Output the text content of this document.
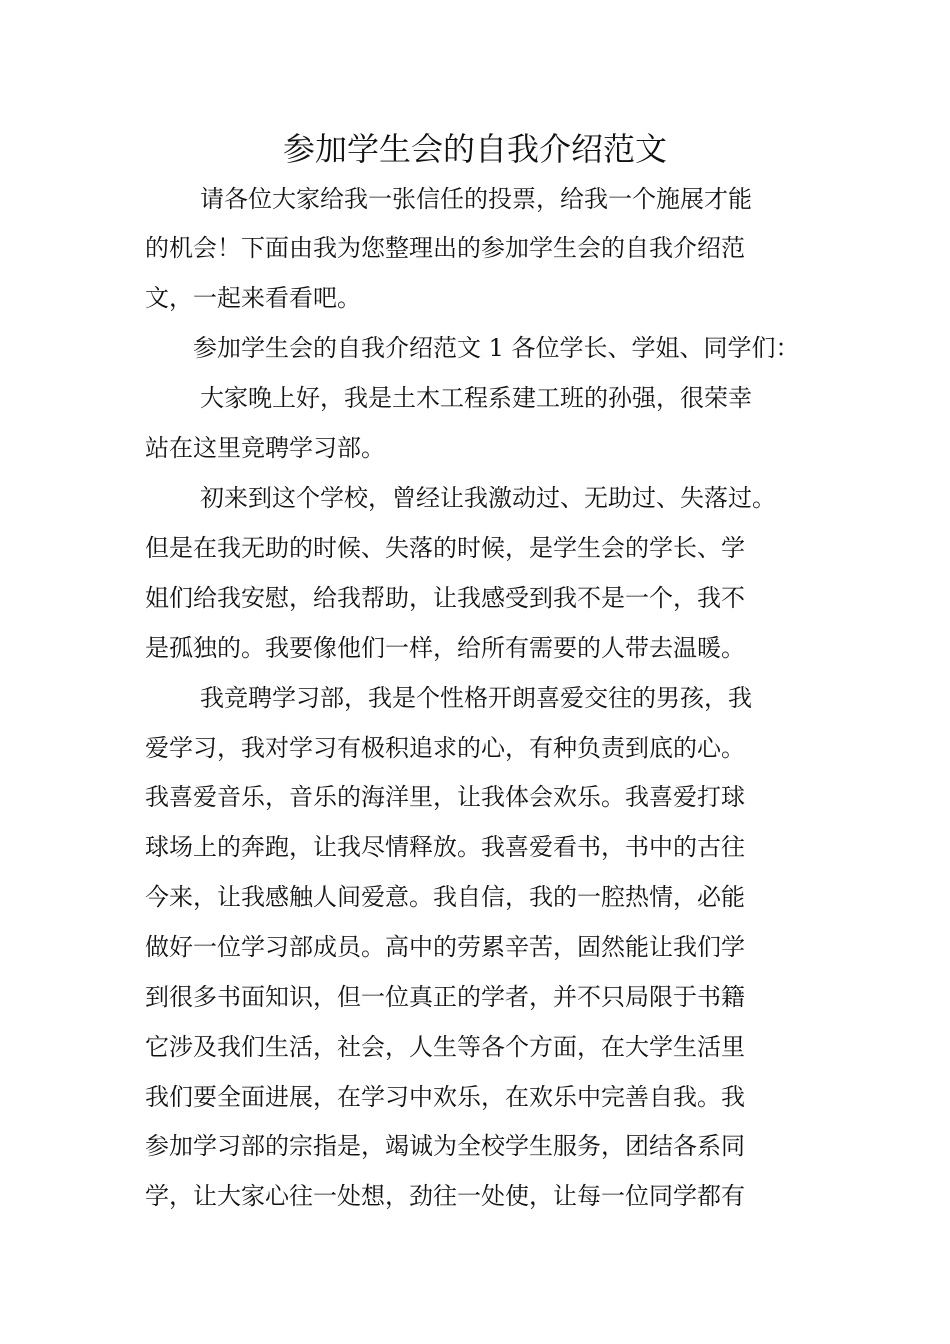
参加学生会的自我介绍范文

请各位大家给我一张信任的投票，给我一个施展才能

的机会！下面由我为您整理出的参加学生会的自我介绍范

文，一起来看看吧。

参加学生会的自我介绍范文 1 各位学长、学姐、同学们：

大家晚上好，我是土木工程系建工班的孙强，很荣幸

站在这里竞聘学习部。

初来到这个学校，曾经让我激动过、无助过、失落过。

但是在我无助的时候、失落的时候，是学生会的学长、学

姐们给我安慰，给我帮助，让我感受到我不是一个，我不

是孤独的。我要像他们一样，给所有需要的人带去温暖。

我竞聘学习部，我是个性格开朗喜爱交往的男孩，我

爱学习，我对学习有极积追求的心，有种负责到底的心。

我喜爱音乐，音乐的海洋里，让我体会欢乐。我喜爱打球

球场上的奔跑，让我尽情释放。我喜爱看书，书中的古往

今来，让我感触人间爱意。我自信，我的一腔热情，必能

做好一位学习部成员。高中的劳累辛苦，固然能让我们学

到很多书面知识，但一位真正的学者，并不只局限于书籍

它涉及我们生活，社会，人生等各个方面，在大学生活里

我们要全面进展，在学习中欢乐，在欢乐中完善自我。我

参加学习部的宗指是，竭诚为全校学生服务，团结各系同

学，让大家心往一处想，劲往一处使，让每一位同学都有
